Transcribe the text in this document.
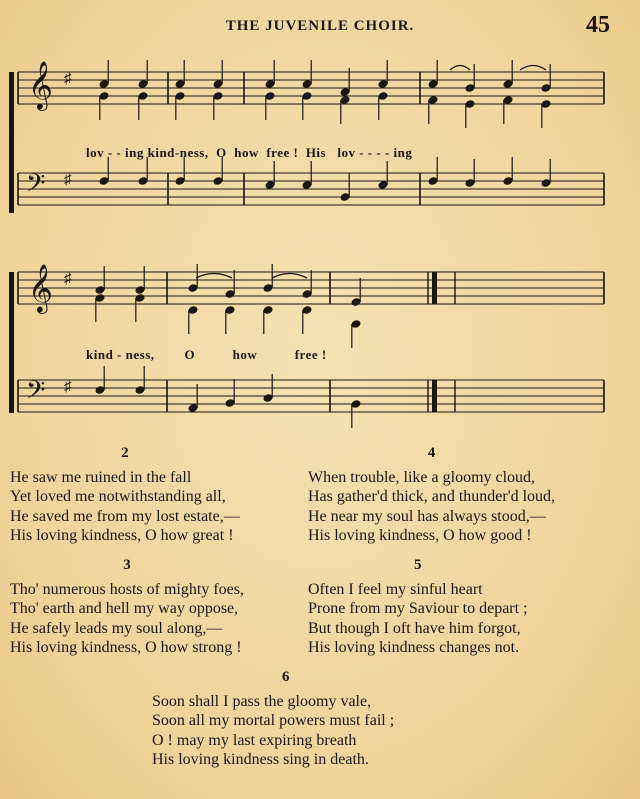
THE JUVENILE CHOIR.	45
𝄞
𝄞
𝄢
𝄢
♯
♯
♯
♯
lov - - ing kind-ness,  O  how  free !  His   lov - - - - ing
kind - ness,        O          how          free !
2
He saw me ruined in the fall
Yet loved me notwithstanding all,
He saved me from my lost estate,—
His loving kindness, O how great !
4
When trouble, like a gloomy cloud,
Has gather'd thick, and thunder'd loud,
He near my soul has always stood,—
His loving kindness, O how good !
3
Tho' numerous hosts of mighty foes,
Tho' earth and hell my way oppose,
He safely leads my soul along,—
His loving kindness, O how strong !
5
Often I feel my sinful heart
Prone from my Saviour to depart ;
But though I oft have him forgot,
His loving kindness changes not.
6
Soon shall I pass the gloomy vale,
Soon all my mortal powers must fail ;
O ! may my last expiring breath
His loving kindness sing in death.
